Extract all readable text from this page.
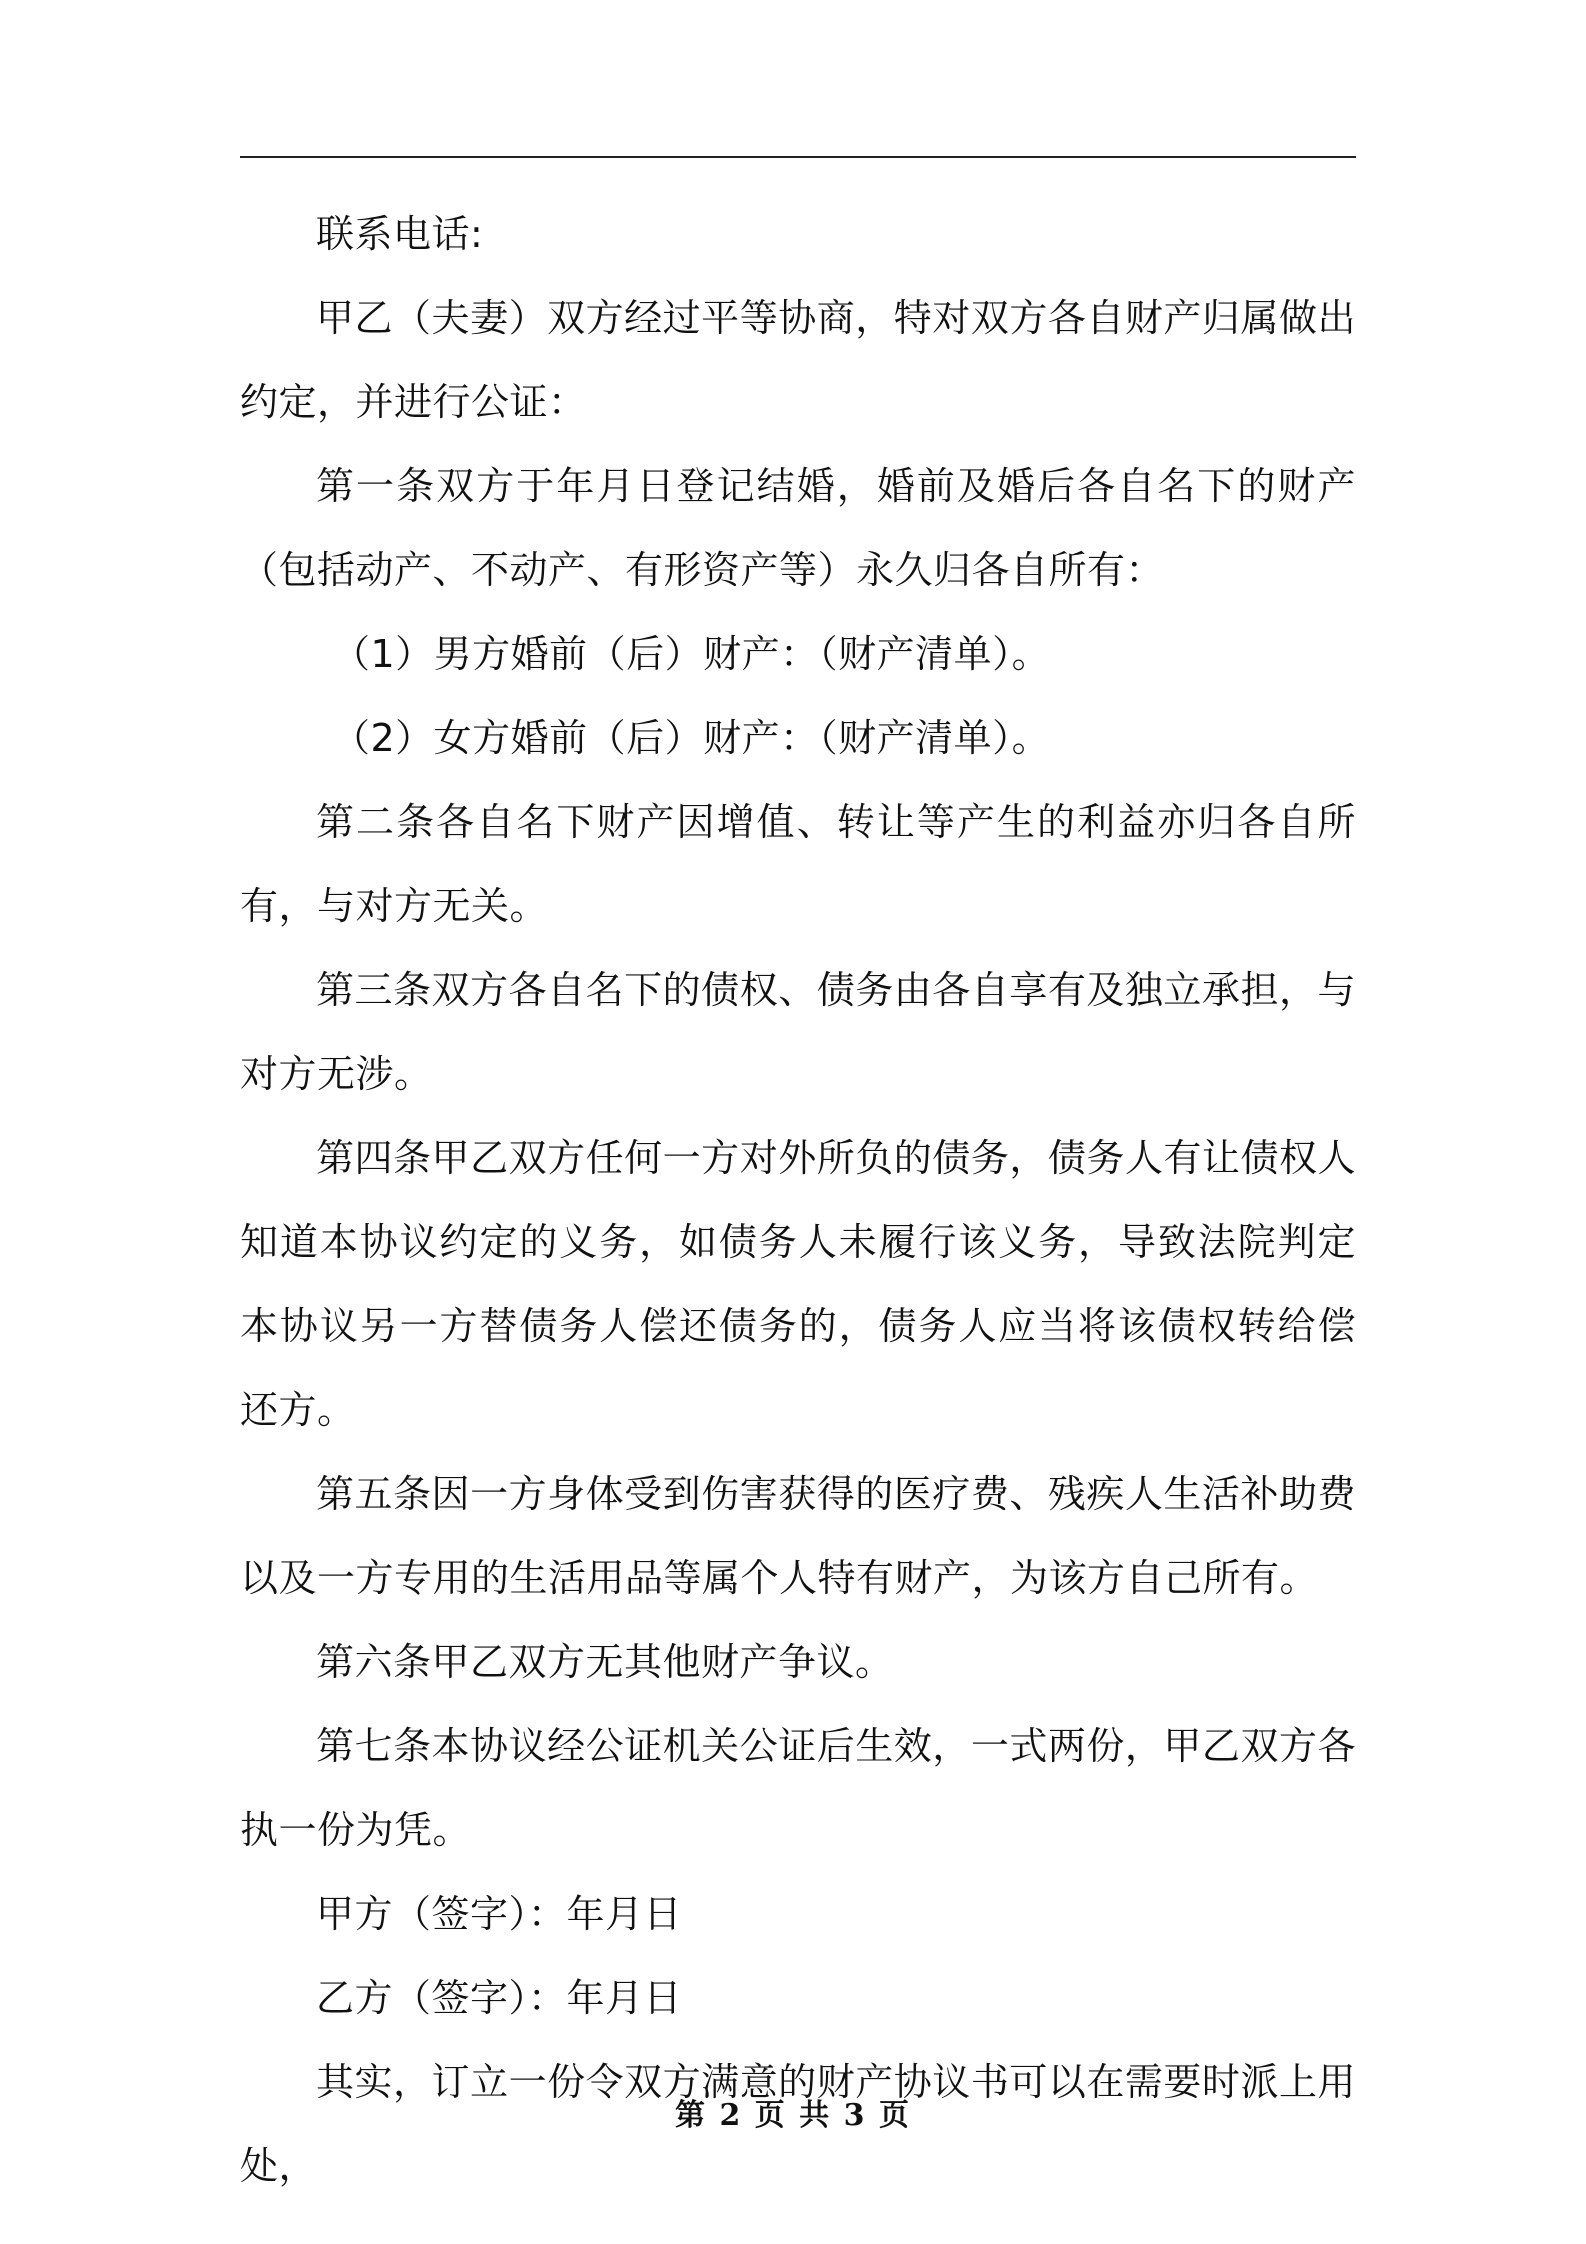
联系电话:

甲乙（夫妻）双方经过平等协商，特对双方各自财产归属做出约定，并进行公证：

第一条双方于年月日登记结婚，婚前及婚后各自名下的财产（包括动产、不动产、有形资产等）永久归各自所有：

（1）男方婚前（后）财产：（财产清单）。

（2）女方婚前（后）财产：（财产清单）。

第二条各自名下财产因增值、转让等产生的利益亦归各自所有，与对方无关。

第三条双方各自名下的债权、债务由各自享有及独立承担，与对方无涉。

第四条甲乙双方任何一方对外所负的债务，债务人有让债权人知道本协议约定的义务，如债务人未履行该义务，导致法院判定本协议另一方替债务人偿还债务的，债务人应当将该债权转给偿还方。

第五条因一方身体受到伤害获得的医疗费、残疾人生活补助费以及一方专用的生活用品等属个人特有财产，为该方自己所有。

第六条甲乙双方无其他财产争议。

第七条本协议经公证机关公证后生效，一式两份，甲乙双方各执一份为凭。

甲方（签字）：年月日

乙方（签字）：年月日

其实，订立一份令双方满意的财产协议书可以在需要时派上用处，

第 2 页 共 3 页
